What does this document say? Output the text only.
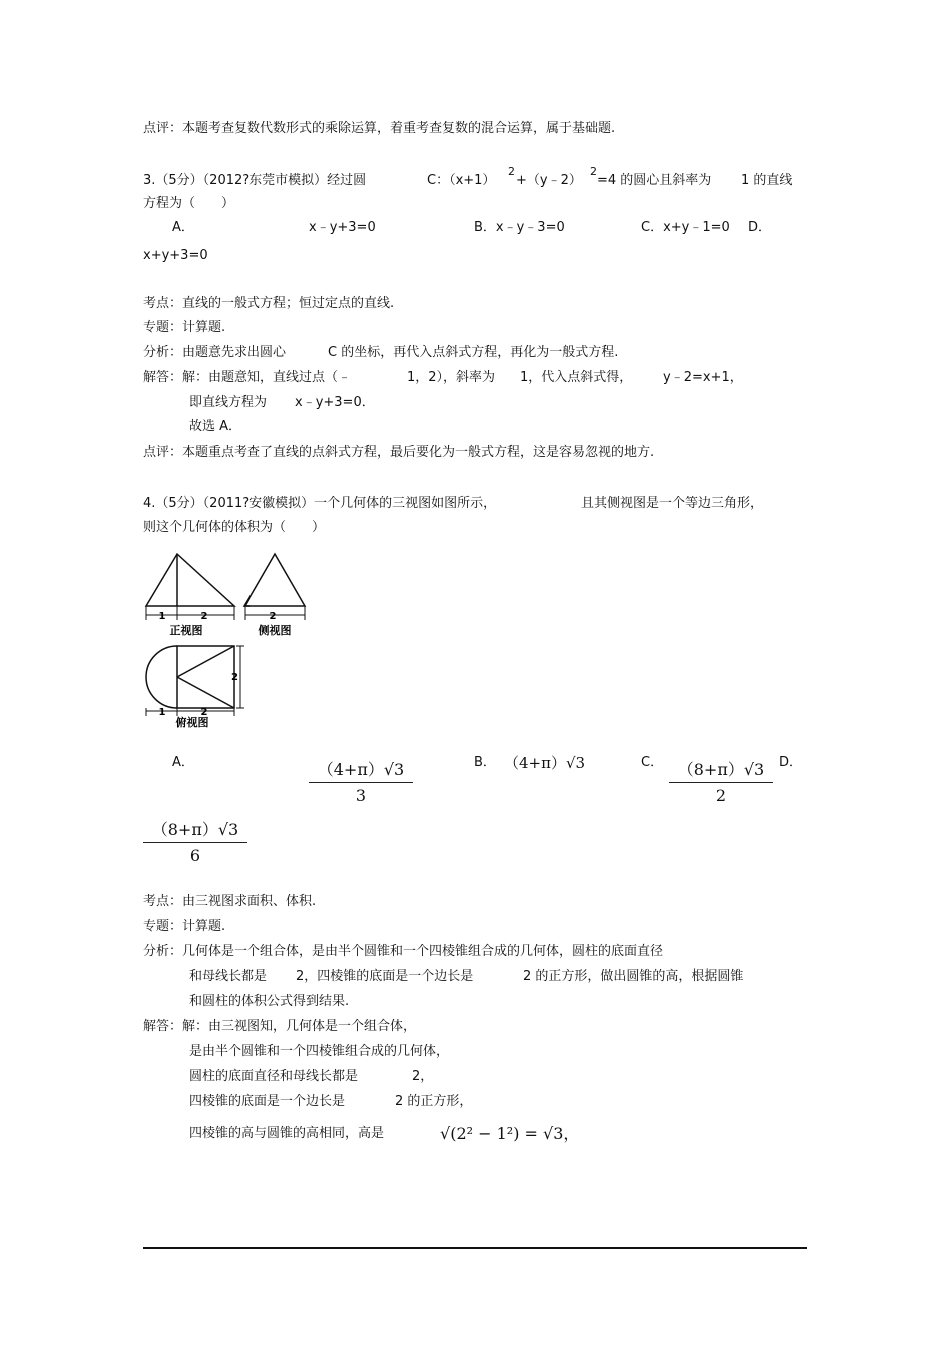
点评：本题考查复数代数形式的乘除运算，着重考查复数的混合运算，属于基础题.
3.（5分）（2012?东莞市模拟）经过圆	C：（x+1）
2
+（y﹣2）
2
=4 的圆心且斜率为 1 的直线
方程为（　　）
A．	x﹣y+3=0	B．x﹣y﹣3=0	C．x+y﹣1=0 D．
x+y+3=0
考点：直线的一般式方程；恒过定点的直线.
专题：计算题.
分析：由题意先求出圆心	C 的坐标，再代入点斜式方程，再化为一般式方程.
解答：解：由题意知，直线过点（﹣	1，2），斜率为 1，代入点斜式得， y﹣2=x+1，
即直线方程为 x﹣y+3=0．
故选 A．
点评：本题重点考查了直线的点斜式方程，最后要化为一般式方程，这是容易忽视的地方.
4.（5分）（2011?安徽模拟）一个几何体的三视图如图所示，	且其侧视图是一个等边三角形，
则这个几何体的体积为（　　）
2
侧视图
1	2
正视图
2
1	2
俯视图
A．	$\frac{(4+\pi)√3}{3}$	B． （4+π）√3	C． $\frac{(8+\pi)√3}{2}$ D．
$\frac{(8+\pi)√3}{6}$
考点：由三视图求面积、体积.
专题：计算题.
分析：几何体是一个组合体，是由半个圆锥和一个四棱锥组合成的几何体，圆柱的底面直径
和母线长都是 2，四棱锥的底面是一个边长是	2 的正方形，做出圆锥的高，根据圆锥
和圆柱的体积公式得到结果.
解答：解：由三视图知，几何体是一个组合体，
是由半个圆锥和一个四棱锥组合成的几何体，
圆柱的底面直径和母线长都是	2，
四棱锥的底面是一个边长是	2 的正方形，
四棱锥的高与圆锥的高相同，高是	√(2² − 1²) = √3，
